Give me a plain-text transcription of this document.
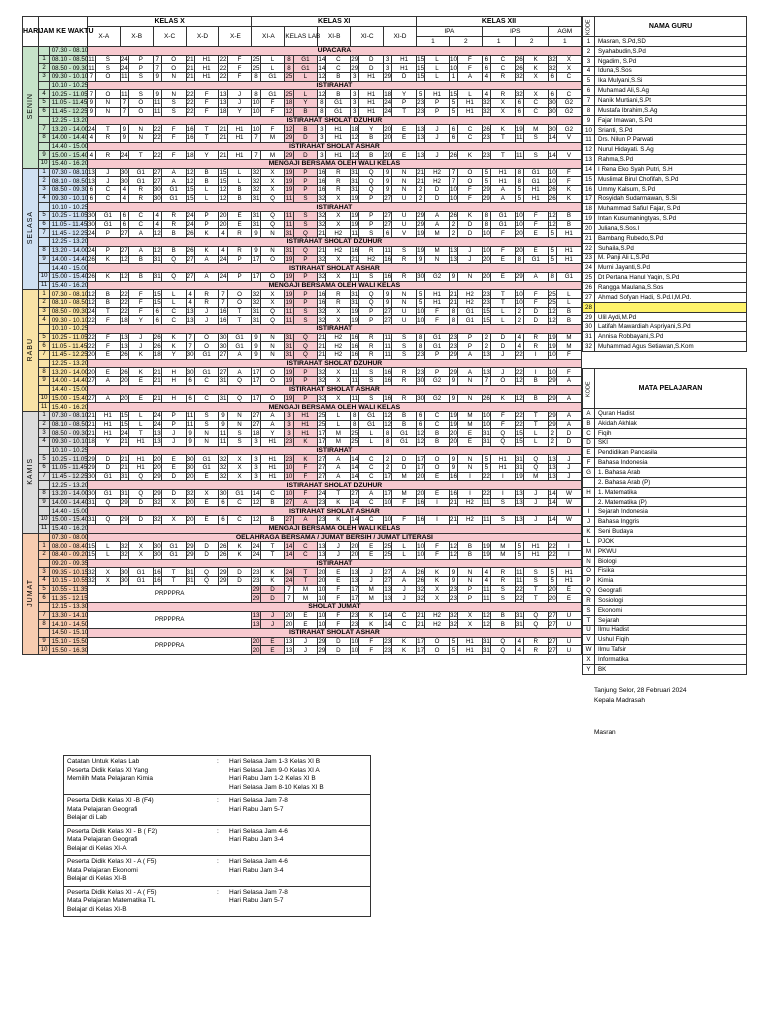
HARI	JAM KE WAKTU		KELAS X										KELAS XI										KELAS XII									
			X-A		X-B		X-C		X-D		X-E		XI-A		KELAS LAB		XI-B		XI-C		XI-D		IPA				IPS				AGM	
																							1		2		1		2		1	
SENIN		07.30 - 08.10	UPACARA																													
	1	08.10 - 08.50	11	S	24	P	7	O	21	H1	22	F	25	L	8	G1	14	C	29	D	3	H1	15	L	10	F	6	C	26	K	32	X
	2	08.50 - 09.30	11	S	24	P	7	O	21	H1	22	F	25	L	8	G1	14	C	29	D	3	H1	15	L	10	F	6	C	26	K	32	X
	3	09.30 - 10.10	7	O	11	S	9	N	21	H1	22	F	8	G1	25	L	12	B	3	H1	29	D	15	L	1	A	4	R	32	X	6	C
		10.10 - 10.25	ISTIRAHAT																													
	4	10.25 - 11.05	7	O	11	S	9	N	22	F	13	J	8	G1	25	L	12	B	3	H1	18	Y	5	H1	15	L	4	R	32	X	6	C
	5	11.05 - 11.45	9	N	7	O	11	S	22	F	13	J	10	F	18	Y	8	G1	3	H1	24	P	23	P	5	H1	32	X	6	C	30	G2
	6	11.45 - 12.25	9	N	7	O	11	S	22	F	18	Y	10	F	12	B	8	G1	3	H1	24	T	23	P	5	H1	32	X	6	C	30	G2
		12.25 - 13.20	ISTIRAHAT SHOLAT DZUHUR																													
	7	13.20 - 14.00	24	T	9	N	22	F	16	T	21	H1	10	F	12	B	3	H1	18	Y	20	E	13	J	6	C	26	K	19	M	30	G2
	8	14.00 - 14.40	4	R	9	N	22	F	16	T	21	H1	7	M	29	D	3	H1	12	B	20	E	13	J	6	C	23	T	11	S	14	V
		14.40 - 15.00	ISTIRAHAT SHOLAT ASHAR																													
	9	15.00 - 15.40	4	R	24	T	22	F	18	Y	21	H1	7	M	29	D	3	H1	12	B	20	E	13	J	26	K	23	T	11	S	14	V
	10	15.40 - 16.20	MENGAJI BERSAMA OLEH WALI KELAS																													
SELASA	1	07.30 - 08.10	13	J	30	G1	27	A	12	B	15	L	32	X	19	P	16	R	31	Q	9	N	21	H2	7	O	5	H1	8	G1	10	F
	2	08.10 - 08.50	13	J	30	G1	27	A	12	B	15	L	32	X	19	P	16	R	31	Q	9	N	21	H2	7	O	5	H1	8	G1	10	F
	3	08.50 - 09.30	6	C	4	R	30	G1	15	L	12	B	32	X	19	P	16	R	31	Q	9	N	2	D	10	F	29	A	5	H1	26	K
	4	09.30 - 10.10	6	C	4	R	30	G1	15	L	12	B	31	Q	11	S	32	X	19	P	27	U	2	D	10	F	29	A	5	H1	26	K
		10.10 - 10.25	ISTIRAHAT																													
	5	10.25 - 11.05	30	G1	6	C	4	R	24	P	20	E	31	Q	11	S	32	X	19	P	27	U	29	A	26	K	8	G1	10	F	12	B
	6	11.05 - 11.45	30	G1	6	C	4	R	24	P	20	E	31	Q	11	S	32	X	19	P	27	U	29	A	2	D	8	G1	10	F	12	B
	7	11.45 - 12.25	24	P	27	A	12	B	26	K	4	R	9	N	31	Q	21	H2	11	S	6	V	19	M	2	D	10	F	20	E	5	H1
		12.25 - 13.20	ISTIRAHAT SHOLAT DZUHUR																													
	8	13.20 - 14.00	24	P	27	A	12	B	26	K	4	R	9	N	31	Q	21	H2	16	R	11	S	19	M	13	J	10	F	20	E	5	H1
	9	14.00 - 14.40	26	K	12	B	31	Q	27	A	24	P	17	O	19	P	32	X	21	H2	16	R	9	N	13	J	20	E	8	G1	5	H1
		14.40 - 15.00	ISTIRAHAT SHOLAT ASHAR																													
	10	15.00 - 15.40	26	K	12	B	31	Q	27	A	24	P	17	O	19	P	32	X	11	S	16	R	30	G2	9	N	20	E	29	A	8	G1
	11	15.40 - 16.20	MENGAJI BERSAMA OLEH WALI KELAS																													
RABU	1	07.30 - 08.10	12	B	22	F	15	L	4	R	7	O	32	X	19	P	16	R	31	Q	9	N	5	H1	21	H2	23	T	10	F	25	L
	2	08.10 - 08.50	12	B	22	F	15	L	4	R	7	O	32	X	19	P	16	R	31	Q	9	N	5	H1	21	H2	23	T	10	F	25	L
	3	08.50 - 09.30	24	T	22	F	6	C	13	J	16	T	31	Q	11	S	32	X	19	P	27	U	10	F	8	G1	15	L	2	D	12	B
	4	09.30 - 10.10	22	F	18	Y	6	C	13	J	16	T	31	Q	11	S	32	X	19	P	27	U	10	F	8	G1	15	L	2	D	12	B
		10.10 - 10.25	ISTIRAHAT																													
	5	10.25 - 11.05	22	F	13	J	26	K	7	O	30	G1	9	N	31	Q	21	H2	16	R	11	S	8	G1	23	P	2	D	4	R	19	M
	6	11.05 - 11.45	22	F	13	J	26	K	7	O	30	G1	9	N	31	Q	21	H2	16	R	11	S	8	G1	23	P	2	D	4	R	19	M
	7	11.45 - 12.25	20	E	26	K	18	Y	30	G1	27	A	9	N	31	Q	21	H2	16	R	11	S	23	P	29	A	13	J	22	I	10	F
		12.25 - 13.20	ISTIRAHAT SHOLAT DZUHUR																													
	8	13.20 - 14.00	20	E	26	K	21	H	30	G1	27	A	17	O	19	P	32	X	11	S	16	R	23	P	29	A	13	J	22	I	10	F
	9	14.00 - 14.40	27	A	20	E	21	H	6	C	31	Q	17	O	19	P	32	X	11	S	16	R	30	G2	9	N	7	O	12	B	29	A
		14.40 - 15.00	ISTIRAHAT SHOLAT ASHAR																													
	10	15.00 - 15.40	27	A	20	E	21	H	6	C	31	Q	17	O	19	P	32	X	11	S	16	R	30	G2	9	N	26	K	12	B	29	A
	11	15.40 - 16.20	MENGAJI BERSAMA OLEH WALI KELAS																													
KAMIS	1	07.30 - 08.10	21	H1	15	L	24	P	11	S	9	N	27	A	3	H1	25	L	8	G1	12	B	6	C	19	M	10	F	22	T	29	A
	2	08.10 - 08.50	21	H1	15	L	24	P	11	S	9	N	27	A	3	H1	25	L	8	G1	12	B	6	C	19	M	10	F	22	T	29	A
	3	08.50 - 09.30	21	H1	24	T	13	J	9	N	11	S	18	Y	3	H1	17	M	25	L	8	G1	12	B	20	E	31	Q	15	L	2	D
	4	09.30 - 10.10	18	Y	21	H1	13	J	9	N	11	S	3	H1	23	K	17	M	25	L	8	G1	12	B	20	E	31	Q	15	L	2	D
		10.10 - 10.25	ISTIRAHAT																													
	5	10.25 - 11.05	29	D	21	H1	20	E	30	G1	32	X	3	H1	23	K	27	A	14	C	2	D	17	O	9	N	5	H1	31	Q	13	J
	6	11.05 - 11.45	29	D	21	H1	20	E	30	G1	32	X	3	H1	10	F	27	A	14	C	2	D	17	O	9	N	5	H1	31	Q	13	J
	7	11.45 - 12.25	30	G1	31	Q	29	D	20	E	32	X	3	H1	10	F	27	A	14	C	17	M	20	E	16	I	22	I	19	M	13	J
		12.25 - 13.20	ISTIRAHAT SHOLAT DZUHUR																													
	8	13.20 - 14.00	30	G1	31	Q	29	D	32	X	30	G1	14	C	10	F	24	T	27	A	17	M	20	E	16	I	22	I	13	J	14	W
	9	14.00 - 14.40	31	Q	29	D	32	X	20	E	6	C	12	B	27	A	23	K	14	C	10	F	16	I	21	H2	11	S	13	J	14	W
		14.40 - 15.00	ISTIRAHAT SHOLAT ASHAR																													
	10	15.00 - 15.40	31	Q	29	D	32	X	20	E	6	C	12	B	27	A	23	K	14	C	10	F	16	I	21	H2	11	S	13	J	14	W
	11	15.40 - 16.20	MENGAJI BERSAMA OLEH WALI KELAS																													
JUMAT		07.30 - 08.00	OELAHRAGA BERSAMA / JUMAT BERSIH / JUMAT LITERASI																													
	1	08.00 - 08.40	15	L	32	X	30	G1	29	D	26	K	24	T	14	C	13	J	20	E	25	L	10	F	12	B	19	M	5	H1	22	I
	2	08.40 - 09.20	15	L	32	X	30	G1	29	D	26	K	24	T	14	C	13	J	20	E	25	L	10	F	12	B	19	M	5	H1	22	I
		09.20 - 09.35	ISTIRAHAT																													
	3	09.35 - 10.15	32	X	30	G1	16	T	31	Q	29	D	23	K	24	T	20	E	13	J	27	A	26	K	9	N	4	R	11	S	5	H1
	4	10.15 - 10.55	32	X	30	G1	16	T	31	Q	29	D	23	K	24	T	20	E	13	J	27	A	26	K	9	N	4	R	11	S	5	H1
	5	10.55 - 11.35	PRPPPRA										29	D	7	M	10	F	17	M	13	J	32	X	23	P	11	S	22	T	20	E
	6	11.35 - 12.15											29	D	7	M	10	F	17	M	13	J	32	X	23	P	11	S	22	T	20	E
		12.15 - 13.30	SHOLAT JUMAT																													
	7	13.30 - 14.10	PRPPPRA										13	J	20	E	10	F	23	K	14	C	21	H2	32	X	12	B	31	Q	27	U
	8	14.10 - 14.50											13	J	20	E	10	F	23	K	14	C	21	H2	32	X	12	B	31	Q	27	U
		14.50 - 15.10	ISTIRAHAT SHOLAT ASHAR																													
	9	15.10 - 15.50	PRPPPRA										20	E	13	J	29	D	10	F	23	K	17	O	5	H1	31	Q	4	R	27	U
	10	15.50 - 16.30											20	E	13	J	29	D	10	F	23	K	17	O	5	H1	31	Q	4	R	27	U
KODE	NAMA GURU
1	Masran, S.Pd,SD
2	Syahabudin,S.Pd
3	Ngadim, S.Pd
4	Iduna,S.Sos
5	Ika Mulyani,S.Si
6	Muhamad Ali,S.Ag
7	Nanik Murtiani,S.Pt
8	Mustafa Ibrahim,S.Ag
9	Fajar Imawan, S.Pd
10	Srianti, S.Pd
11	Drs. Nilun P Parwati
12	Nurul Hidayati. S.Ag
13	Rahma,S.Pd
14	I Rena Eko Syah Putri, S.H
15	Muslimat Birul Chofifah, S.Pd
16	Ummy Kalsum, S.Pd
17	Rosyidah Sudarmawan, S.Si
18	Muhammad Safiul Fajar, S.Pd
19	Intan Kusumaningtyas, S.Pd
20	Juliana,S.Sos.I
21	Bambang Rubedo,S.Pd
22	Suhaila,S.Pd
23	M. Panji Ali L,S.Pd
24	Murni Jayanti,S.Pd
25	Dt Pertana Hanul Yaqin, S.Pd
26	Rangga Maulana,S.Sos
27	Ahmad Sofyan Hadi, S.Pd.I,M.Pd.
28	
29	Ulil Aydi,M.Pd
30	Latifah Mawardiah Aspriyani,S.Pd
31	Annisa Robbayani,S.Pd
32	Muhammad Agus Setiawan,S.Kom
KODE	MATA PELAJARAN
A	Quran Hadist
B	Akidah Akhlak
C	Fiqih
D	SKI
E	Pendidikan Pancasila
F	Bahasa Indonesia
G	1. Bahasa Arab
	2. Bahasa Arab (P)
H	1. Matematika
	2. Matematika (P)
I	Sejarah Indonesia
J	Bahasa Inggris
K	Seni Budaya
L	PJOK
M	PKWU
N	Biologi
O	Fisika
P	Kimia
Q	Geografi
R	Sosiologi
S	Ekonomi
T	Sejarah
U	Ilmu Hadist
V	Ushul Fiqih
W	Ilmu Tafsir
X	Informatika
Y	BK
Tanjung Selor, 28 Februari 2024
Kepala Madrasah
Masran
Catatan Untuk Kelas Lab
Peserta Didik Kelas XI Yang
Memilih Mata Pelajaran Kimia
:	Hari Selasa Jam 1-3 Kelas XI B
Hari Selasa Jam 9-0 Kelas XI A
Hari Rabu Jam 1-2 Kelas XI B
Hari Selasa Jam 8-10 Kelas XI B
Peserta Didik Kelas XI -B (F4)
Mata Pelajaran Geografi
Belajar di Lab
:	Hari Selasa Jam 7-8
Hari Rabu Jam 5-7
Peserta Didik Kelas XI - B ( F2)
Mata Pelajaran Geografi
Belajar di Kelas XI-A
:	Hari Selasa Jam 4-6
Hari Rabu Jam 3-4
Peserta Didik Kelas XI - A ( F5)
Mata Pelajaran Ekonomi
Belajar di Kelas XI-B
:	Hari Selasa Jam 4-6
Hari Rabu Jam 3-4
Peserta Didik Kelas XI - A ( F5)
Mata Pelajaran Matematika TL
Belajar di Kelas XI-B
:	Hari Selasa Jam 7-8
Hari Rabu Jam 5-7
